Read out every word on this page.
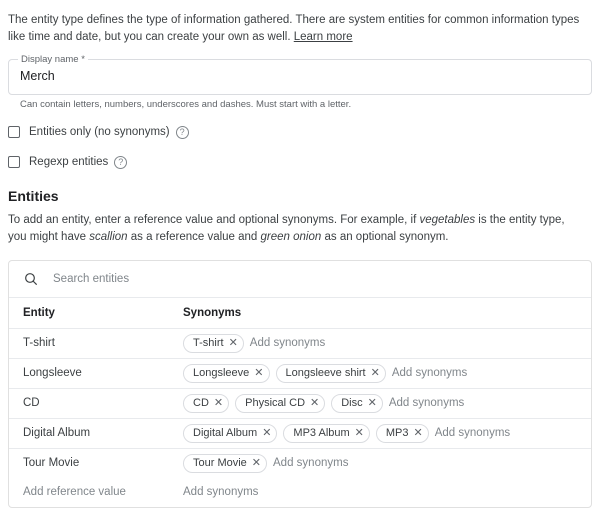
The entity type defines the type of information gathered. There are system entities for common information types like time and date, but you can create your own as well. Learn more

Display name *
Merch
Can contain letters, numbers, underscores and dashes. Must start with a letter.
Entities only (no synonyms)	?
Regexp entities	?
Entities

To add an entity, enter a reference value and optional synonyms. For example, if vegetables is the entity type, you might have scallion as a reference value and green onion as an optional synonym.

Search entities
Entity	Synonyms
T-shirt	T-shirt ✕ Add synonyms
Longsleeve	Longsleeve ✕ Longsleeve shirt ✕ Add synonyms
CD	CD ✕ Physical CD ✕ Disc ✕ Add synonyms
Digital Album	Digital Album ✕ MP3 Album ✕ MP3 ✕ Add synonyms
Tour Movie	Tour Movie ✕ Add synonyms
Add reference value	Add synonyms
